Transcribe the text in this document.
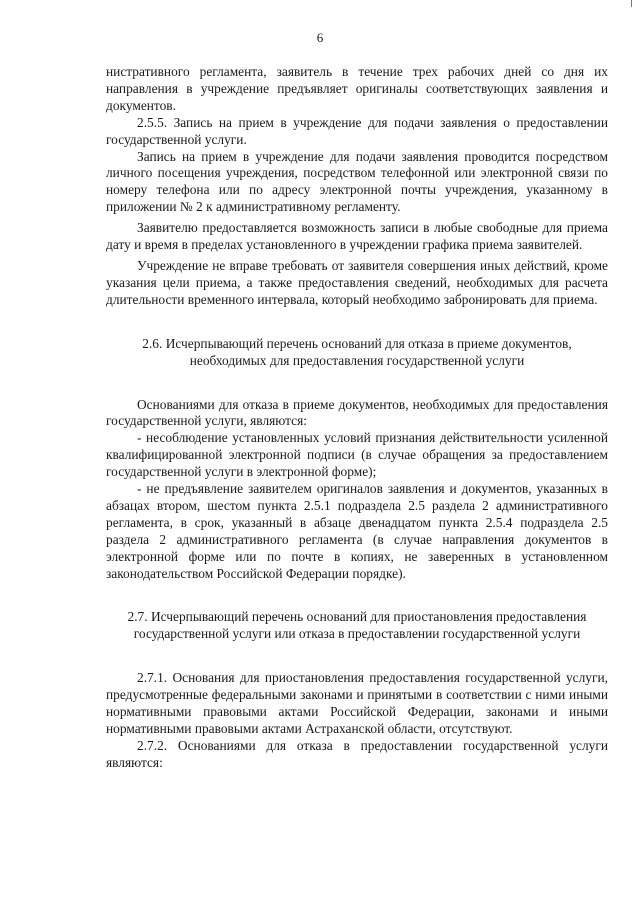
6

нистративного регламента, заявитель в течение трех рабочих дней со дня их направления в учреждение предъявляет оригиналы соответствующих заявления и документов.

2.5.5. Запись на прием в учреждение для подачи заявления о предоставлении государственной услуги.

Запись на прием в учреждение для подачи заявления проводится посредством личного посещения учреждения, посредством телефонной или электронной связи по номеру телефона или по адресу электронной почты учреждения, указанному в приложении № 2 к административному регламенту.

Заявителю предоставляется возможность записи в любые свободные для приема дату и время в пределах установленного в учреждении графика приема заявителей.

Учреждение не вправе требовать от заявителя совершения иных действий, кроме указания цели приема, а также предоставления сведений, необходимых для расчета длительности временного интервала, который необходимо забронировать для приема.

2.6. Исчерпывающий перечень оснований для отказа в приеме документов, необходимых для предоставления государственной услуги

Основаниями для отказа в приеме документов, необходимых для предоставления государственной услуги, являются:

- несоблюдение установленных условий признания действительности усиленной квалифицированной электронной подписи (в случае обращения за предоставлением государственной услуги в электронной форме);

- не предъявление заявителем оригиналов заявления и документов, указанных в абзацах втором, шестом пункта 2.5.1 подраздела 2.5 раздела 2 административного регламента, в срок, указанный в абзаце двенадцатом пункта 2.5.4 подраздела 2.5 раздела 2 административного регламента (в случае направления документов в электронной форме или по почте в копиях, не заверенных в установленном законодательством Российской Федерации порядке).

2.7. Исчерпывающий перечень оснований для приостановления предоставления государственной услуги или отказа в предоставлении государственной услуги

2.7.1. Основания для приостановления предоставления государственной услуги, предусмотренные федеральными законами и принятыми в соответствии с ними иными нормативными правовыми актами Российской Федерации, законами и иными нормативными правовыми актами Астраханской области, отсутствуют.

2.7.2. Основаниями для отказа в предоставлении государственной услуги являются:
